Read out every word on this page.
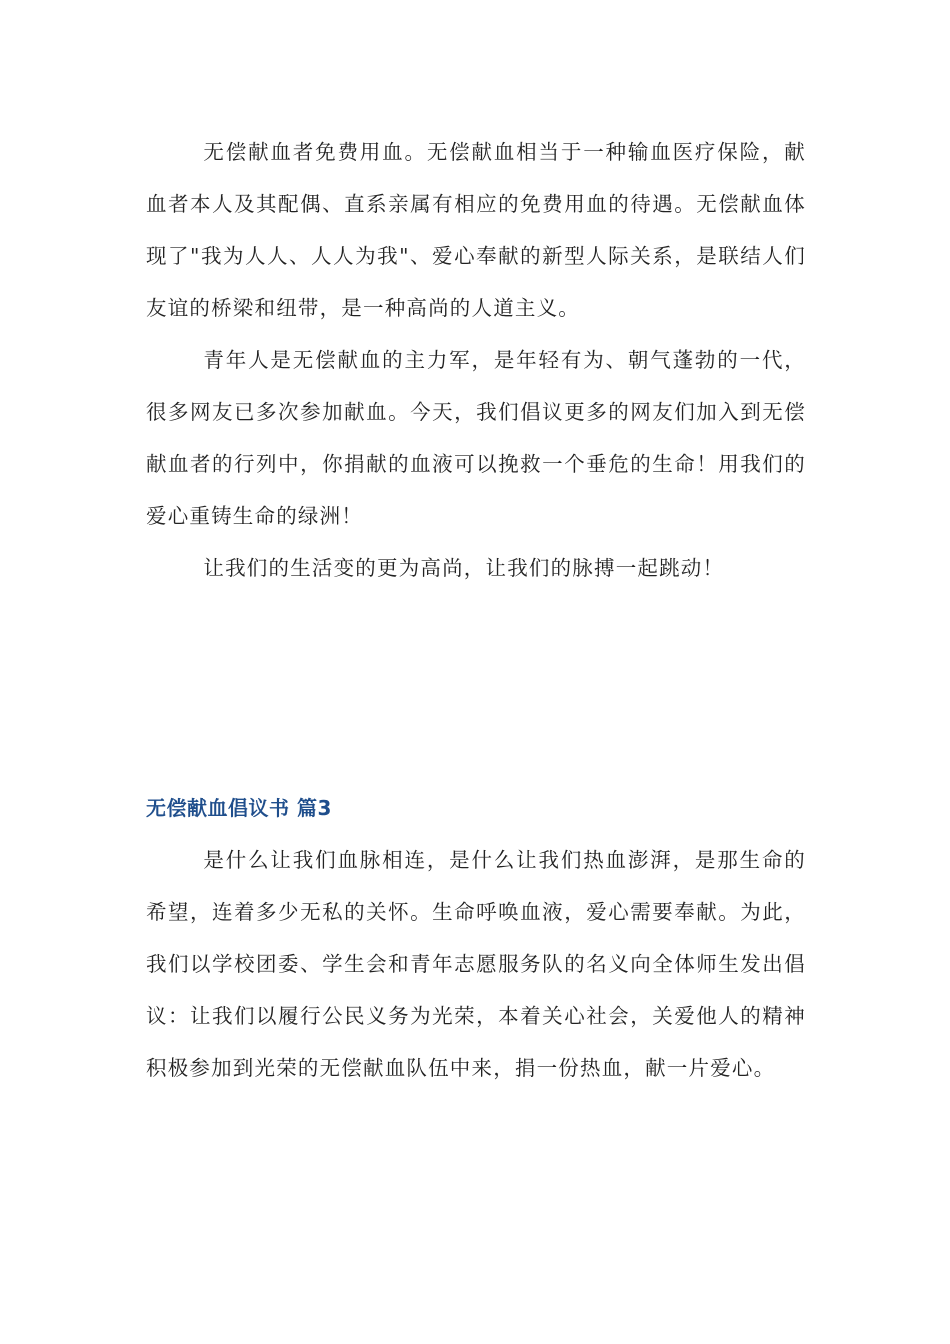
无偿献血者免费用血。无偿献血相当于一种输血医疗保险，献血者本人及其配偶、直系亲属有相应的免费用血的待遇。无偿献血体现了"我为人人、人人为我"、爱心奉献的新型人际关系，是联结人们友谊的桥梁和纽带，是一种高尚的人道主义。

青年人是无偿献血的主力军，是年轻有为、朝气蓬勃的一代，很多网友已多次参加献血。今天，我们倡议更多的网友们加入到无偿献血者的行列中，你捐献的血液可以挽救一个垂危的生命！用我们的爱心重铸生命的绿洲！

让我们的生活变的更为高尚，让我们的脉搏一起跳动！

无偿献血倡议书 篇3

是什么让我们血脉相连，是什么让我们热血澎湃，是那生命的希望，连着多少无私的关怀。生命呼唤血液，爱心需要奉献。为此，我们以学校团委、学生会和青年志愿服务队的名义向全体师生发出倡议：让我们以履行公民义务为光荣，本着关心社会，关爱他人的精神积极参加到光荣的无偿献血队伍中来，捐一份热血，献一片爱心。
